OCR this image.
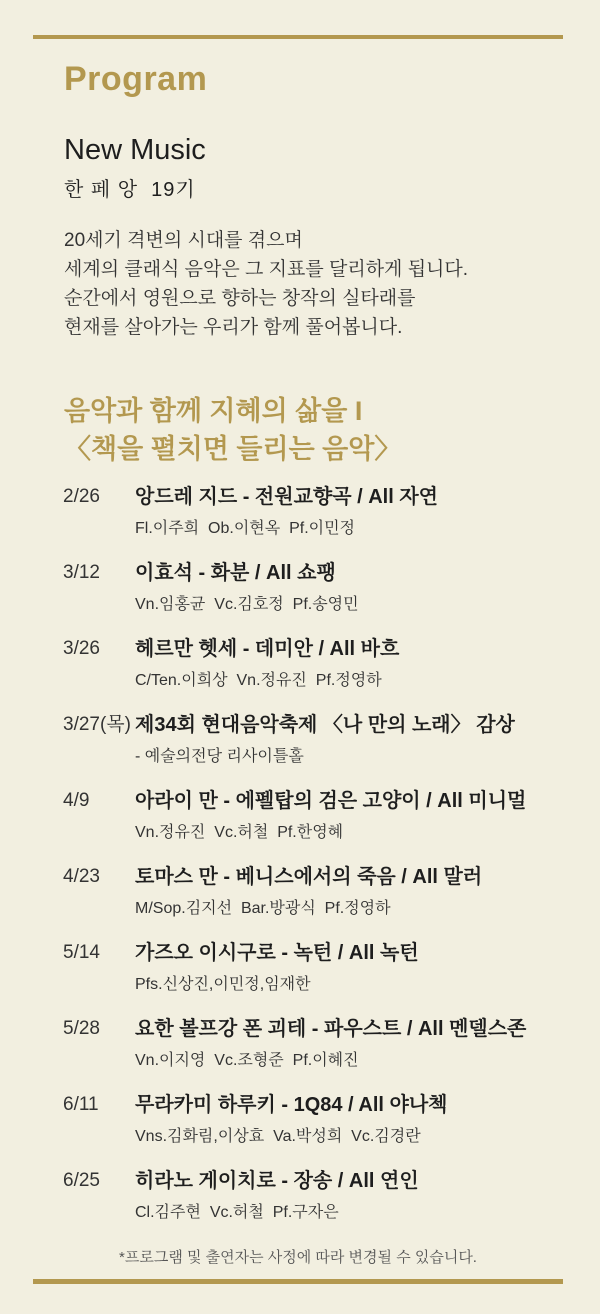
Program
New Music
한 페 앙  19기
20세기 격변의 시대를 겪으며
세계의 클래식 음악은 그 지표를 달리하게 됩니다.
순간에서 영원으로 향하는 창작의 실타래를
현재를 살아가는 우리가 함께 풀어봅니다.
음악과 함께 지혜의 삶을 I
〈책을 펼치면 들리는 음악〉
2/26	앙드레 지드 - 전원교향곡 / All 자연
Fl.이주희  Ob.이현옥  Pf.이민정
3/12	이효석 - 화분 / All 쇼팽
Vn.임홍균  Vc.김호정  Pf.송영민
3/26	헤르만 헷세 - 데미안 / All 바흐
C/Ten.이희상  Vn.정유진  Pf.정영하
3/27(목) 제34회 현대음악축제 〈나 만의 노래〉 감상
- 예술의전당 리사이틀홀
4/9	아라이 만 - 에펠탑의 검은 고양이 / All 미니멀
Vn.정유진  Vc.허철  Pf.한영혜
4/23	토마스 만 - 베니스에서의 죽음 / All 말러
M/Sop.김지선  Bar.방광식  Pf.정영하
5/14	가즈오 이시구로 - 녹턴 / All 녹턴
Pfs.신상진,이민정,임재한
5/28	요한 볼프강 폰 괴테 - 파우스트 / All 멘델스존
Vn.이지영  Vc.조형준  Pf.이혜진
6/11	무라카미 하루키 - 1Q84 / All 야나첵
Vns.김화림,이상효  Va.박성희  Vc.김경란
6/25	히라노 게이치로 - 장송 / All 연인
Cl.김주현  Vc.허철  Pf.구자은
*프로그램 및 출연자는 사정에 따라 변경될 수 있습니다.
